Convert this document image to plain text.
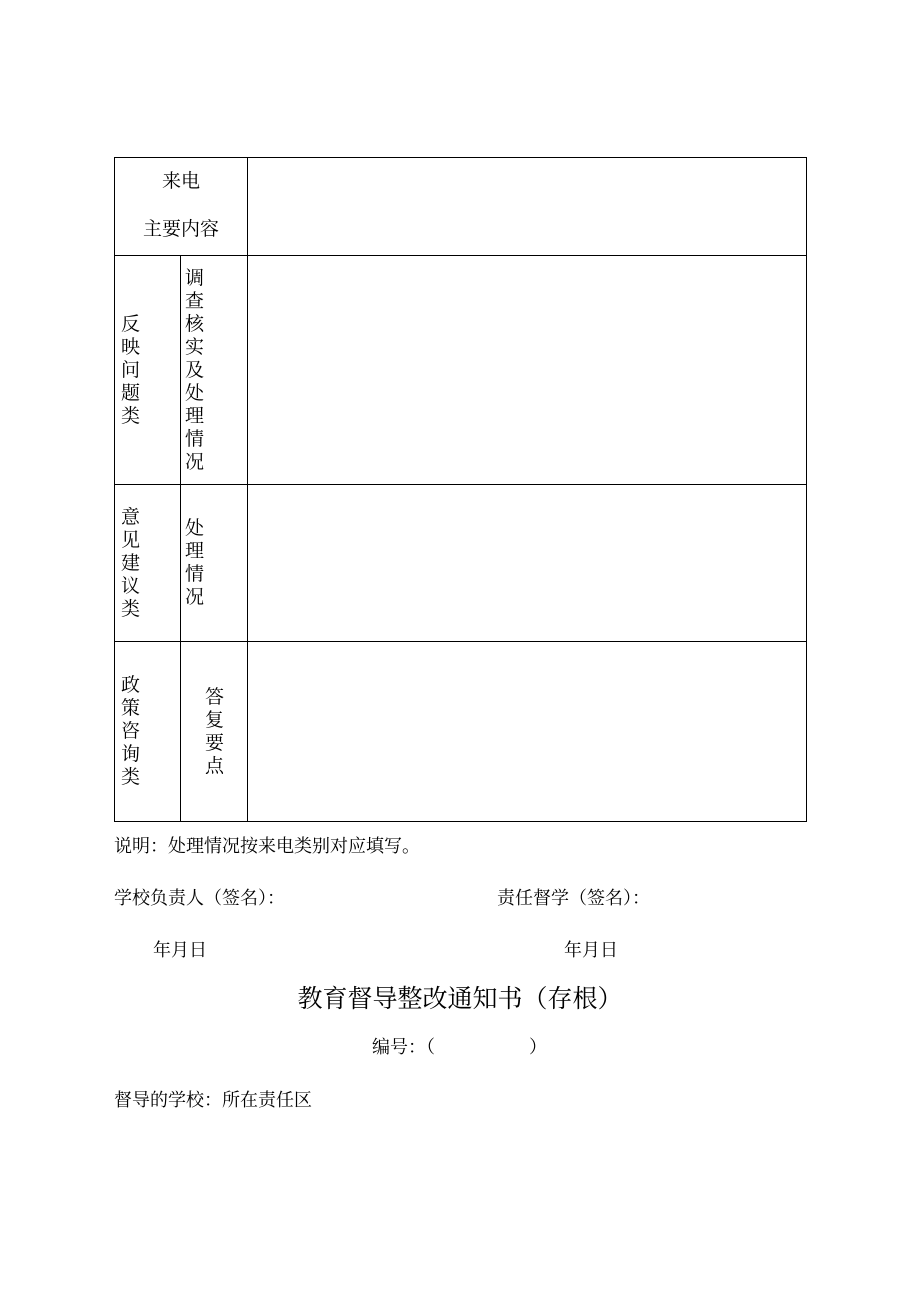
来电
主要内容		

反映问题类	调查核实及处理情况	

意见建议类	处理情况	

政策咨询类	答复要点	

说明：处理情况按来电类别对应填写。
学校负责人（签名）：	责任督学（签名）：
年月日	年月日
教育督导整改通知书（存根）
编号：（	）
督导的学校：所在责任区
